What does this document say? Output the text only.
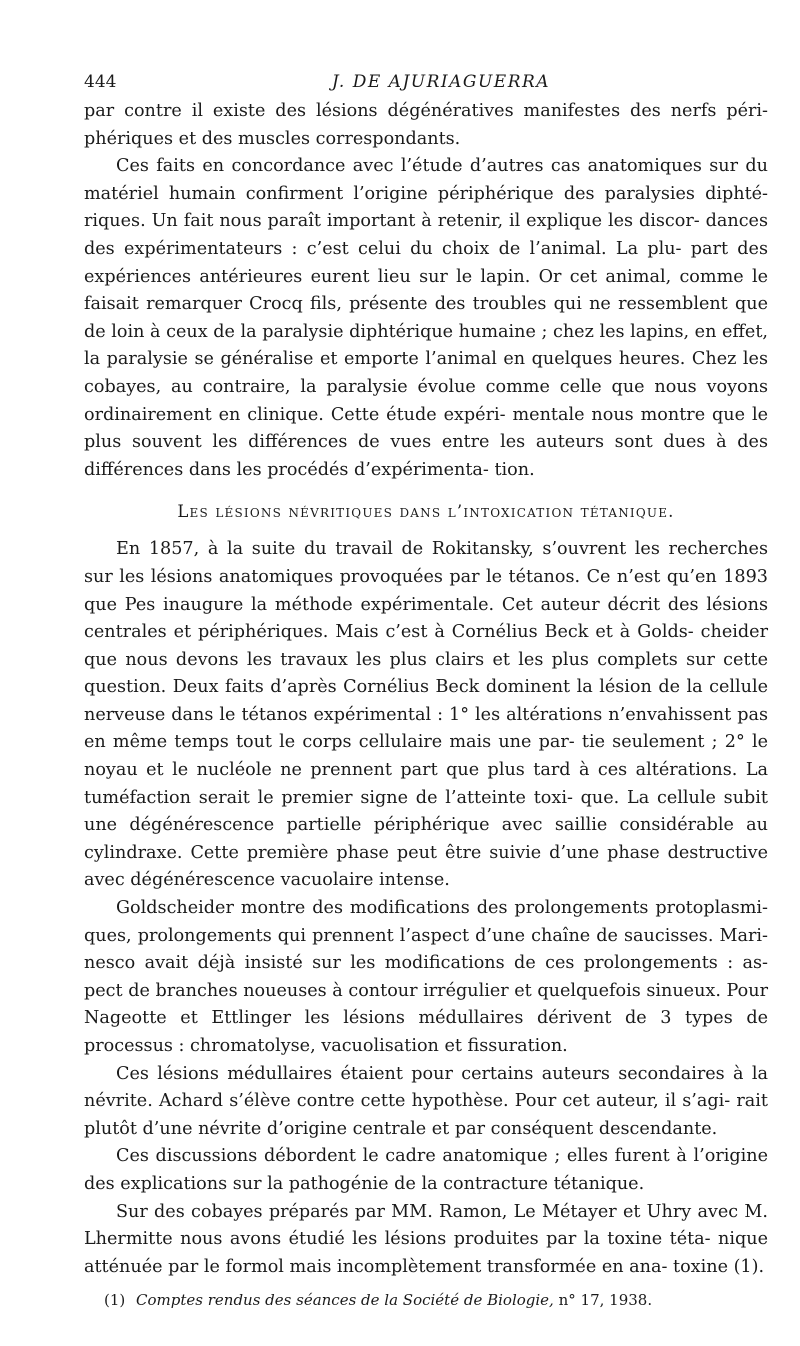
444	J. DE AJURIAGUERRA

par contre il existe des lésions dégénératives manifestes des nerfs péri- phériques et des muscles correspondants.

Ces faits en concordance avec l’étude d’autres cas anatomiques sur du matériel humain confirment l’origine périphérique des paralysies diphté- riques. Un fait nous paraît important à retenir, il explique les discor- dances des expérimentateurs : c’est celui du choix de l’animal. La plu- part des expériences antérieures eurent lieu sur le lapin. Or cet animal, comme le faisait remarquer Crocq fils, présente des troubles qui ne ressemblent que de loin à ceux de la paralysie diphtérique humaine ; chez les lapins, en effet, la paralysie se généralise et emporte l’animal en quelques heures. Chez les cobayes, au contraire, la paralysie évolue comme celle que nous voyons ordinairement en clinique. Cette étude expéri- mentale nous montre que le plus souvent les différences de vues entre les auteurs sont dues à des différences dans les procédés d’expérimenta- tion.

Les lésions névritiques dans l’intoxication tétanique.

En 1857, à la suite du travail de Rokitansky, s’ouvrent les recherches sur les lésions anatomiques provoquées par le tétanos. Ce n’est qu’en 1893 que Pes inaugure la méthode expérimentale. Cet auteur décrit des lésions centrales et périphériques. Mais c’est à Cornélius Beck et à Golds- cheider que nous devons les travaux les plus clairs et les plus complets sur cette question. Deux faits d’après Cornélius Beck dominent la lésion de la cellule nerveuse dans le tétanos expérimental : 1° les altérations n’envahissent pas en même temps tout le corps cellulaire mais une par- tie seulement ; 2° le noyau et le nucléole ne prennent part que plus tard à ces altérations. La tuméfaction serait le premier signe de l’atteinte toxi- que. La cellule subit une dégénérescence partielle périphérique avec saillie considérable au cylindraxe. Cette première phase peut être suivie d’une phase destructive avec dégénérescence vacuolaire intense.

Goldscheider montre des modifications des prolongements protoplasmi- ques, prolongements qui prennent l’aspect d’une chaîne de saucisses. Mari- nesco avait déjà insisté sur les modifications de ces prolongements : as- pect de branches noueuses à contour irrégulier et quelquefois sinueux. Pour Nageotte et Ettlinger les lésions médullaires dérivent de 3 types de processus : chromatolyse, vacuolisation et fissuration.

Ces lésions médullaires étaient pour certains auteurs secondaires à la névrite. Achard s’élève contre cette hypothèse. Pour cet auteur, il s’agi- rait plutôt d’une névrite d’origine centrale et par conséquent descendante.

Ces discussions débordent le cadre anatomique ; elles furent à l’origine des explications sur la pathogénie de la contracture tétanique.

Sur des cobayes préparés par MM. Ramon, Le Métayer et Uhry avec M. Lhermitte nous avons étudié les lésions produites par la toxine téta- nique atténuée par le formol mais incomplètement transformée en ana- toxine (1).

(1) Comptes rendus des séances de la Société de Biologie, n° 17, 1938.
